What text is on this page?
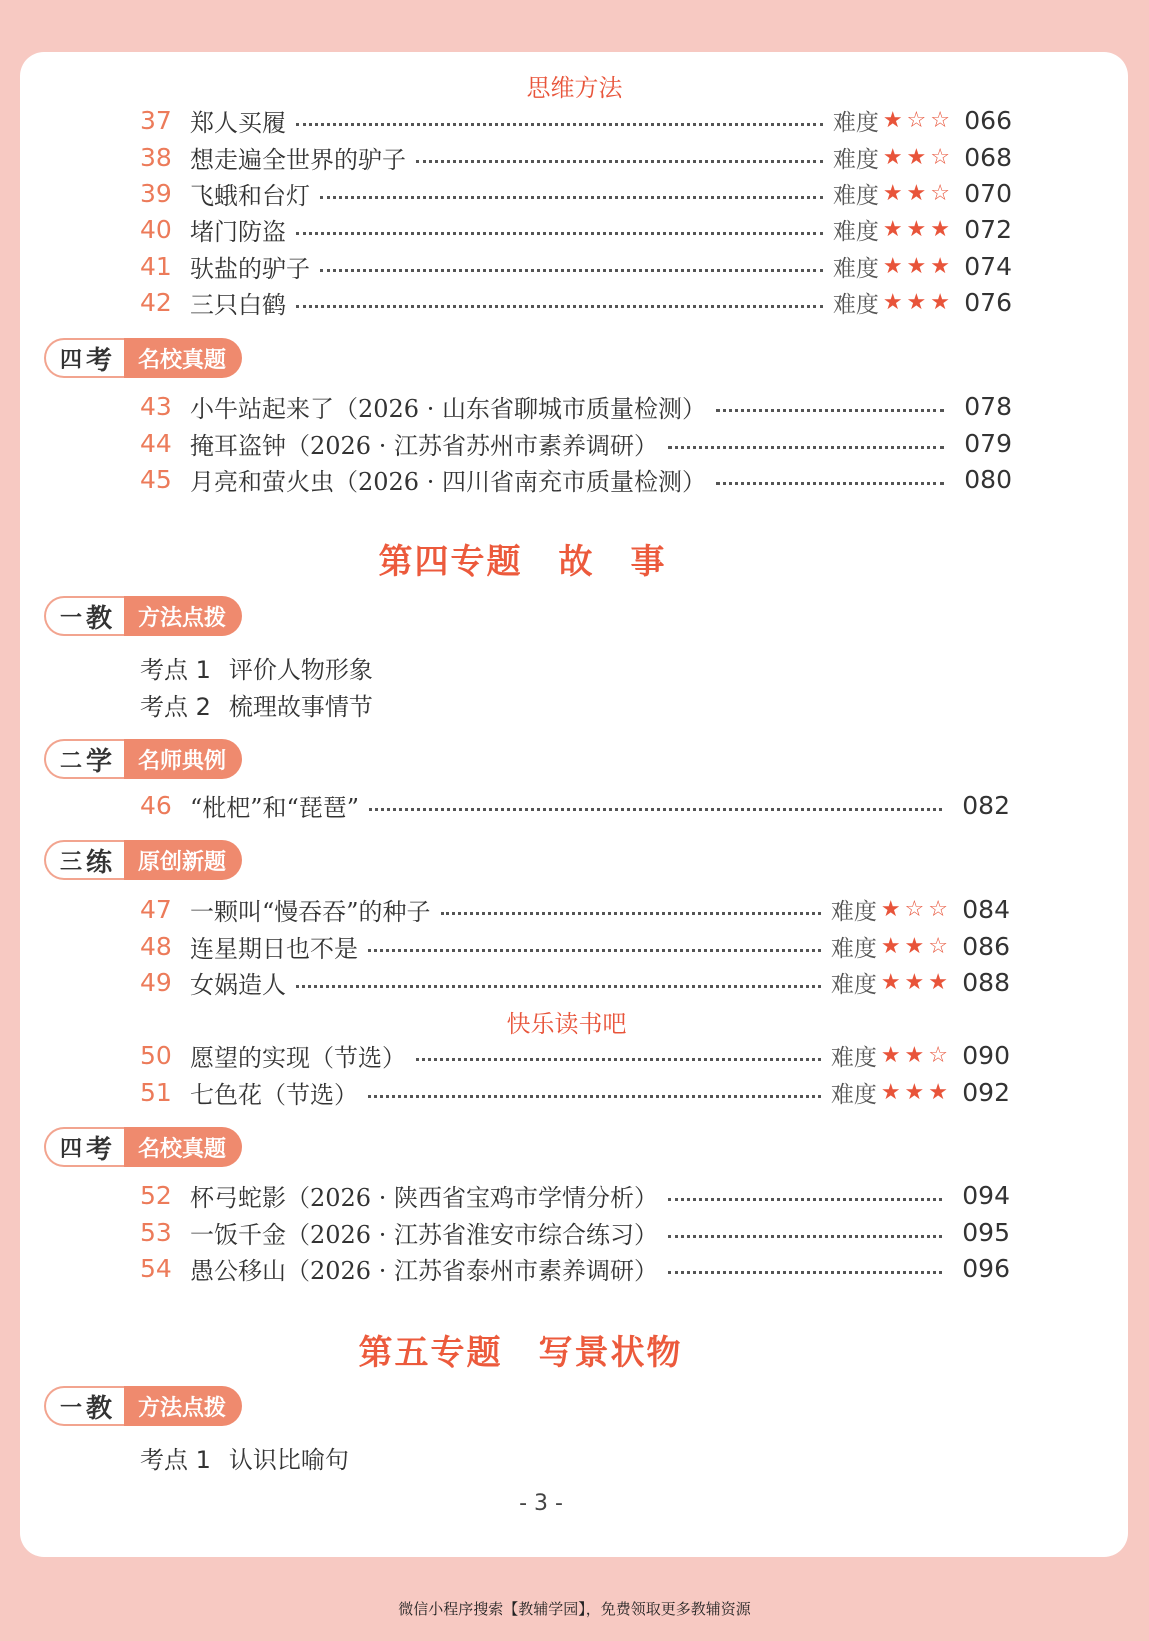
思维方法
37 郑人买履	难度 ★☆☆ 066
38 想走遍全世界的驴子	难度 ★★☆ 068
39 飞蛾和台灯	难度 ★★☆ 070
40 堵门防盗	难度 ★★★ 072
41 驮盐的驴子	难度 ★★★ 074
42 三只白鹤	难度 ★★★ 076
四 考	名校真题
43 小牛站起来了（2026 · 山东省聊城市质量检测）	078
44 掩耳盗钟（2026 · 江苏省苏州市素养调研）	079
45 月亮和萤火虫（2026 · 四川省南充市质量检测）	080
第四专题　故　事
一 教	方法点拨
考点 1 评价人物形象
考点 2 梳理故事情节
二 学	名师典例
46 “枇杷”和“琵琶”	082
三 练	原创新题
47 一颗叫“慢吞吞”的种子	难度 ★☆☆ 084
48 连星期日也不是	难度 ★★☆ 086
49 女娲造人	难度 ★★★ 088
快乐读书吧
50 愿望的实现（节选）	难度 ★★☆ 090
51 七色花（节选）	难度 ★★★ 092
四 考	名校真题
52 杯弓蛇影（2026 · 陕西省宝鸡市学情分析）	094
53 一饭千金（2026 · 江苏省淮安市综合练习）	095
54 愚公移山（2026 · 江苏省泰州市素养调研）	096
第五专题　写景状物
一 教	方法点拨
考点 1 认识比喻句
- 3 -
微信小程序搜索【教辅学园】，免费领取更多教辅资源
